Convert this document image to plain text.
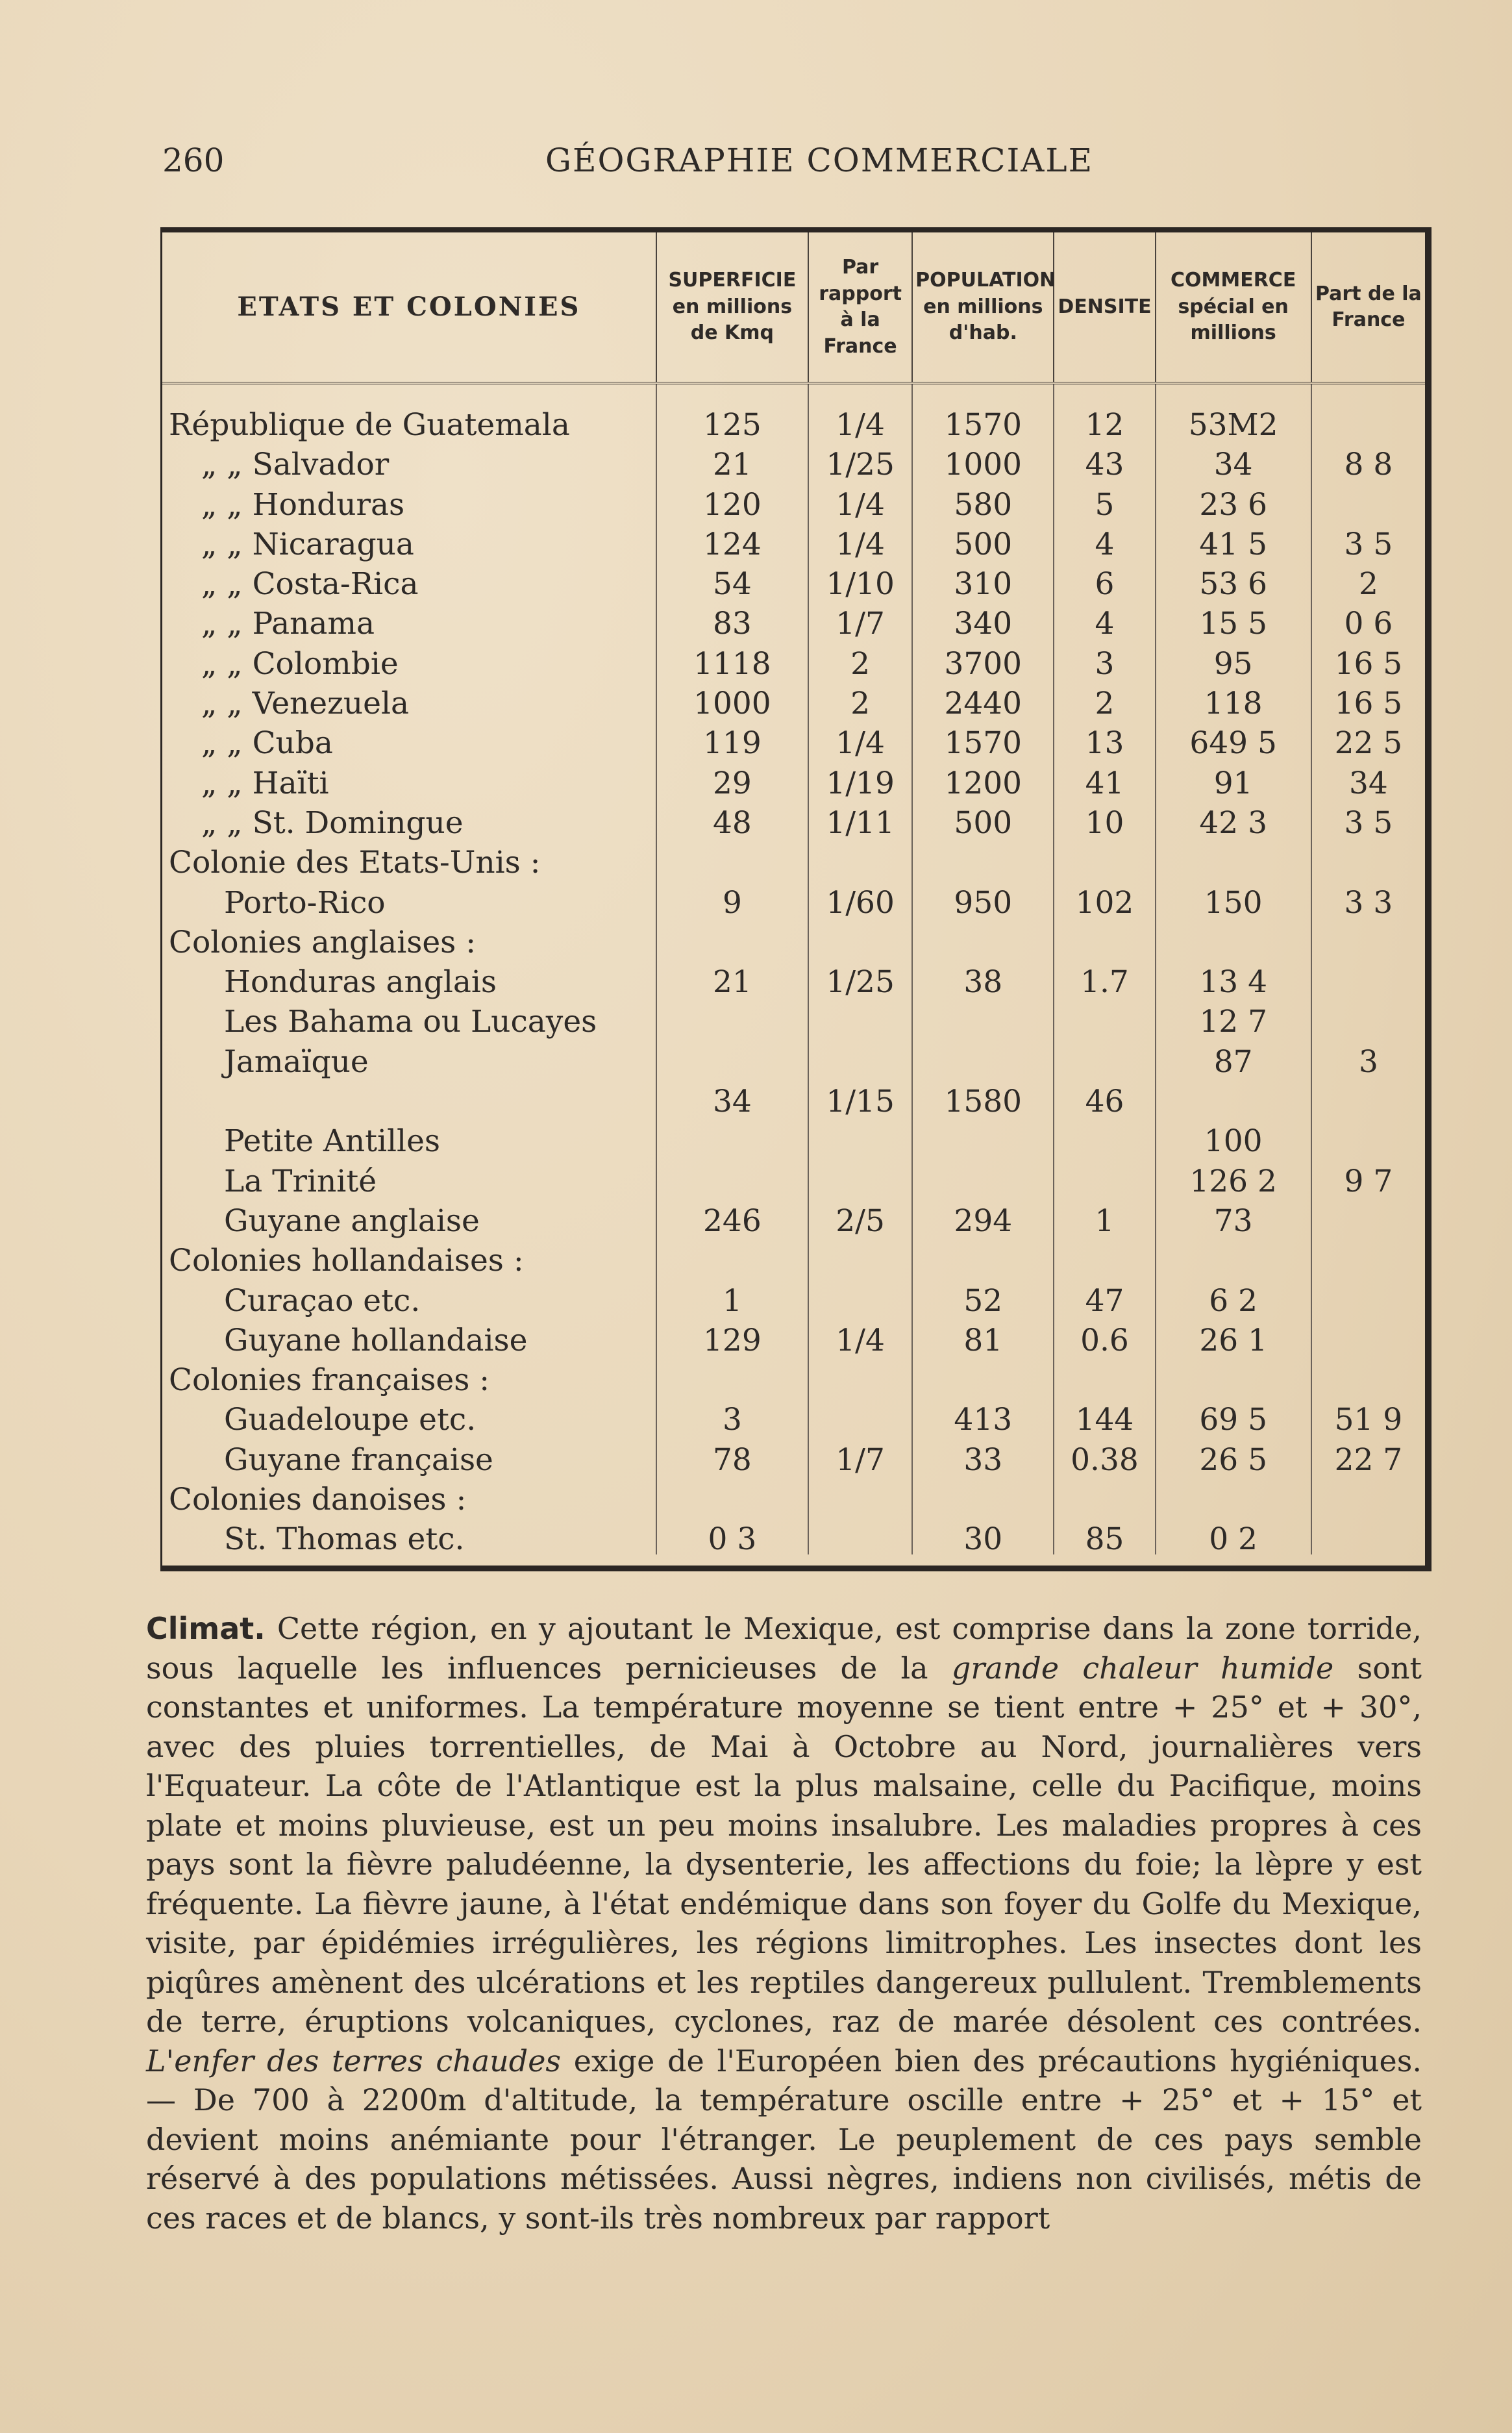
260	GÉOGRAPHIE COMMERCIALE
ETATS ET COLONIES	SUPERFICIE en millions de Kmq	Par rapport à la France	POPULATION en millions d'hab.	DENSITE	COMMERCE spécial en millions	Part de la France
République de Guatemala	125	1/4	1570	12	53M2	
„ „ Salvador	21	1/25	1000	43	34	8 8
„ „ Honduras	120	1/4	580	5	23 6	
„ „ Nicaragua	124	1/4	500	4	41 5	3 5
„ „ Costa-Rica	54	1/10	310	6	53 6	2
„ „ Panama	83	1/7	340	4	15 5	0 6
„ „ Colombie	1118	2	3700	3	95	16 5
„ „ Venezuela	1000	2	2440	2	118	16 5
„ „ Cuba	119	1/4	1570	13	649 5	22 5
„ „ Haïti	29	1/19	1200	41	91	34
„ „ St. Domingue	48	1/11	500	10	42 3	3 5
Colonie des Etats-Unis :						
Porto-Rico	9	1/60	950	102	150	3 3
Colonies anglaises :						
Honduras anglais	21	1/25	38	1.7	13 4	
Les Bahama ou Lucayes					12 7	
Jamaïque					87	3
	34	1/15	1580	46		
Petite Antilles					100	
La Trinité					126 2	9 7
Guyane anglaise	246	2/5	294	1	73	
Colonies hollandaises :						
Curaçao etc.	1		52	47	6 2	
Guyane hollandaise	129	1/4	81	0.6	26 1	
Colonies françaises :						
Guadeloupe etc.	3		413	144	69 5	51 9
Guyane française	78	1/7	33	0.38	26 5	22 7
Colonies danoises :						
St. Thomas etc.	0 3		30	85	0 2	
Climat. Cette région, en y ajoutant le Mexique, est comprise dans la zone torride, sous laquelle les influences pernicieuses de la grande chaleur humide sont constantes et uniformes. La température moyenne se tient entre + 25° et + 30°, avec des pluies torrentielles, de Mai à Octobre au Nord, journalières vers l'Equateur. La côte de l'Atlantique est la plus malsaine, celle du Pacifique, moins plate et moins pluvieuse, est un peu moins insalubre. Les maladies propres à ces pays sont la fièvre paludéenne, la dysenterie, les affections du foie; la lèpre y est fréquente. La fièvre jaune, à l'état endémique dans son foyer du Golfe du Mexique, visite, par épidémies irrégulières, les régions limitrophes. Les insectes dont les piqûres amènent des ulcérations et les reptiles dangereux pullulent. Tremblements de terre, éruptions volcaniques, cyclones, raz de marée désolent ces contrées. L'enfer des terres chaudes exige de l'Européen bien des précautions hygiéniques. — De 700 à 2200m d'altitude, la température oscille entre + 25° et + 15° et devient moins anémiante pour l'étranger. Le peuplement de ces pays semble réservé à des populations métissées. Aussi nègres, indiens non civilisés, métis de ces races et de blancs, y sont-ils très nombreux par rapport
